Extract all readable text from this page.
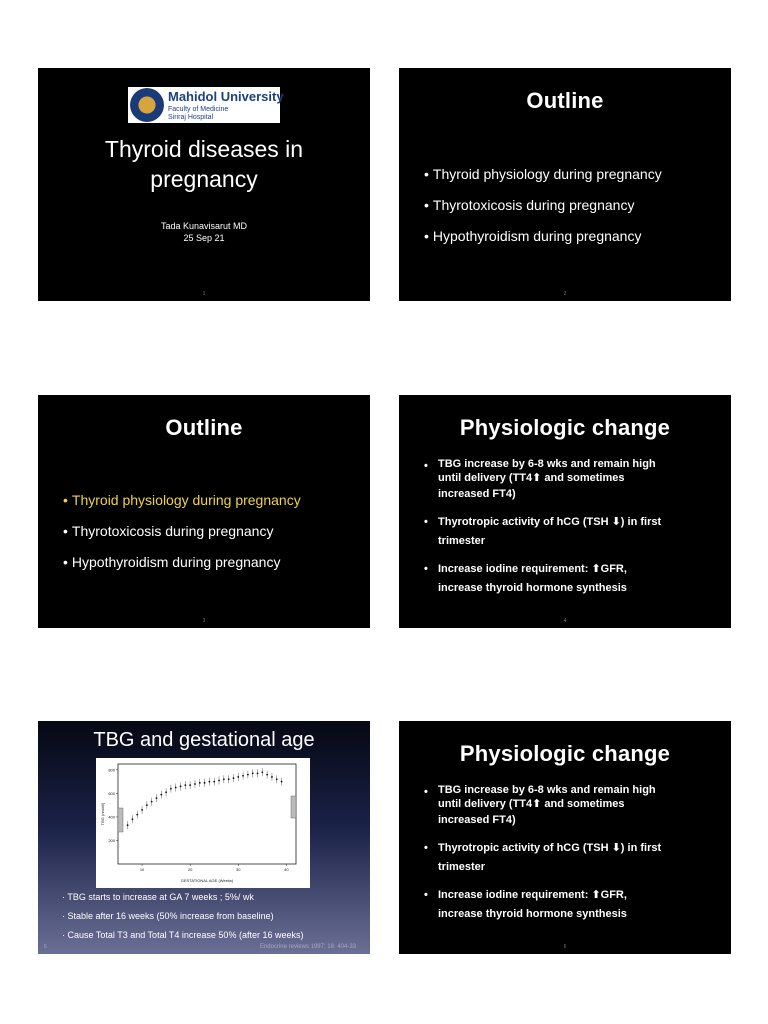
Mahidol University
Faculty of Medicine
Siriraj Hospital
Thyroid diseases in
pregnancy
Tada Kunavisarut MD
25 Sep 21
1
Outline
• Thyroid physiology during pregnancy
• Thyrotoxicosis during pregnancy
• Hypothyroidism during pregnancy
2
Outline
• Thyroid physiology during pregnancy
• Thyrotoxicosis during pregnancy
• Hypothyroidism during pregnancy
3
Physiologic change
• TBG increase by 6-8 wks and remain high
until delivery (TT4⬆ and sometimes
increased FT4)
• Thyrotropic activity of hCG (TSH ⬇) in first
trimester
• Increase iodine requirement: ⬆GFR,
increase thyroid hormone synthesis
4
TBG and gestational age
200
400
600
800
10	20	30	40
GESTATIONAL AGE (Weeks)
TBG (nmol/l)
· TBG starts to increase at GA 7 weeks ; 5%/ wk
· Stable after 16 weeks (50% increase from baseline)
· Cause Total T3 and Total T4 increase 50% (after 16 weeks)
5	Endocrine reviews 1997; 18: 404-33
Physiologic change
• TBG increase by 6-8 wks and remain high
until delivery (TT4⬆ and sometimes
increased FT4)
• Thyrotropic activity of hCG (TSH ⬇) in first
trimester
• Increase iodine requirement: ⬆GFR,
increase thyroid hormone synthesis
6
